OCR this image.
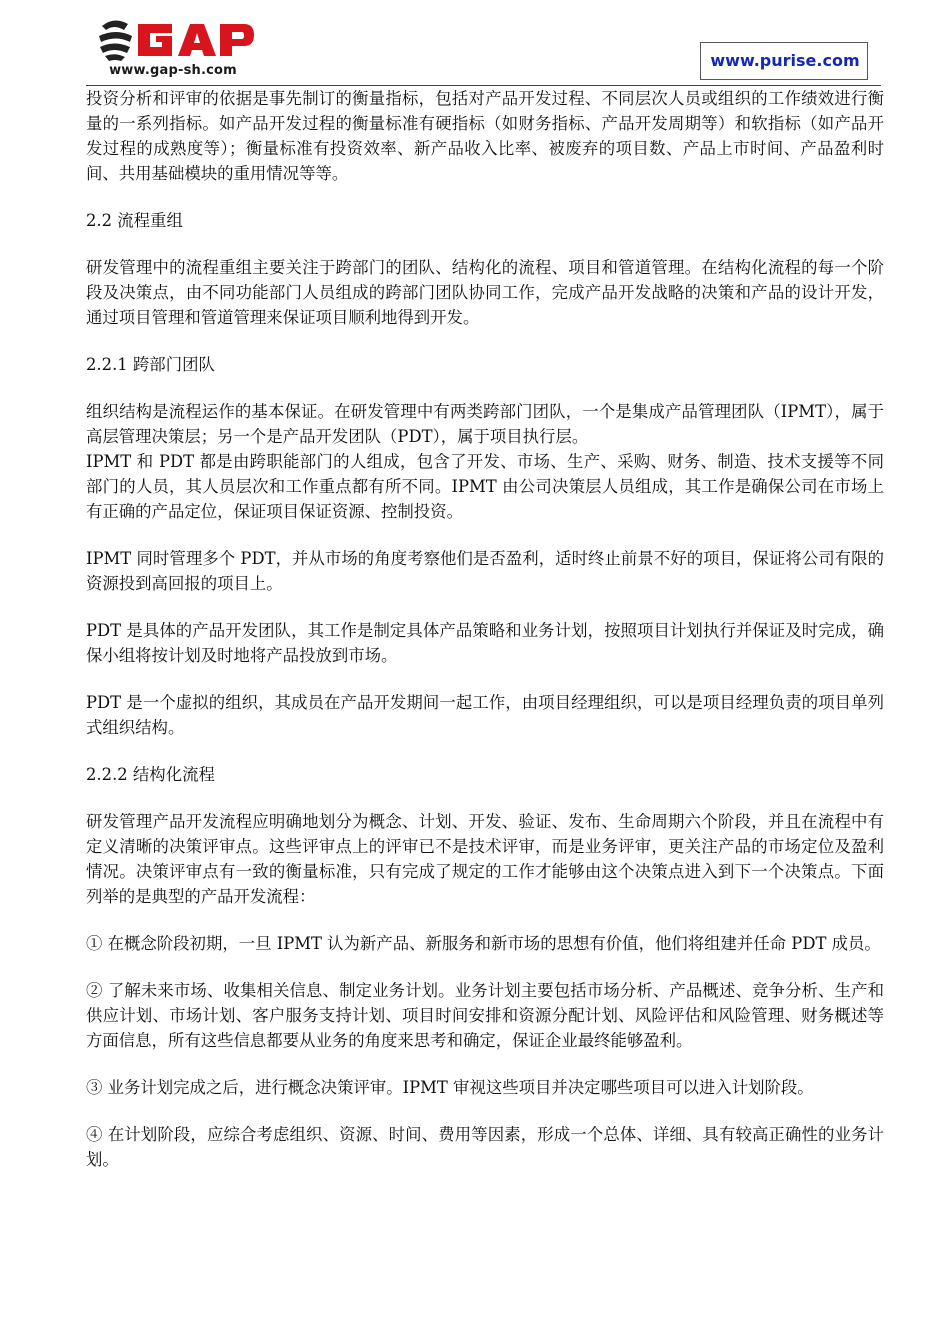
www.gap-sh.com
www.purise.com

投资分析和评审的依据是事先制订的衡量指标，包括对产品开发过程、不同层次人员或组织的工作绩效进行衡量的一系列指标。如产品开发过程的衡量标准有硬指标（如财务指标、产品开发周期等）和软指标（如产品开发过程的成熟度等）；衡量标准有投资效率、新产品收入比率、被废弃的项目数、产品上市时间、产品盈利时间、共用基础模块的重用情况等等。

2.2 流程重组

研发管理中的流程重组主要关注于跨部门的团队、结构化的流程、项目和管道管理。在结构化流程的每一个阶段及决策点，由不同功能部门人员组成的跨部门团队协同工作，完成产品开发战略的决策和产品的设计开发，通过项目管理和管道管理来保证项目顺利地得到开发。

2.2.1 跨部门团队

组织结构是流程运作的基本保证。在研发管理中有两类跨部门团队，一个是集成产品管理团队（IPMT），属于高层管理决策层；另一个是产品开发团队（PDT），属于项目执行层。

IPMT 和 PDT 都是由跨职能部门的人组成，包含了开发、市场、生产、采购、财务、制造、技术支援等不同部门的人员，其人员层次和工作重点都有所不同。IPMT 由公司决策层人员组成，其工作是确保公司在市场上有正确的产品定位，保证项目保证资源、控制投资。

IPMT 同时管理多个 PDT，并从市场的角度考察他们是否盈利，适时终止前景不好的项目，保证将公司有限的资源投到高回报的项目上。

PDT 是具体的产品开发团队，其工作是制定具体产品策略和业务计划，按照项目计划执行并保证及时完成，确保小组将按计划及时地将产品投放到市场。

PDT 是一个虚拟的组织，其成员在产品开发期间一起工作，由项目经理组织，可以是项目经理负责的项目单列式组织结构。

2.2.2 结构化流程

研发管理产品开发流程应明确地划分为概念、计划、开发、验证、发布、生命周期六个阶段，并且在流程中有定义清晰的决策评审点。这些评审点上的评审已不是技术评审，而是业务评审，更关注产品的市场定位及盈利情况。决策评审点有一致的衡量标准，只有完成了规定的工作才能够由这个决策点进入到下一个决策点。下面列举的是典型的产品开发流程：

① 在概念阶段初期，一旦 IPMT 认为新产品、新服务和新市场的思想有价值，他们将组建并任命 PDT 成员。

② 了解未来市场、收集相关信息、制定业务计划。业务计划主要包括市场分析、产品概述、竞争分析、生产和供应计划、市场计划、客户服务支持计划、项目时间安排和资源分配计划、风险评估和风险管理、财务概述等方面信息，所有这些信息都要从业务的角度来思考和确定，保证企业最终能够盈利。

③ 业务计划完成之后，进行概念决策评审。IPMT 审视这些项目并决定哪些项目可以进入计划阶段。

④ 在计划阶段，应综合考虑组织、资源、时间、费用等因素，形成一个总体、详细、具有较高正确性的业务计划。
